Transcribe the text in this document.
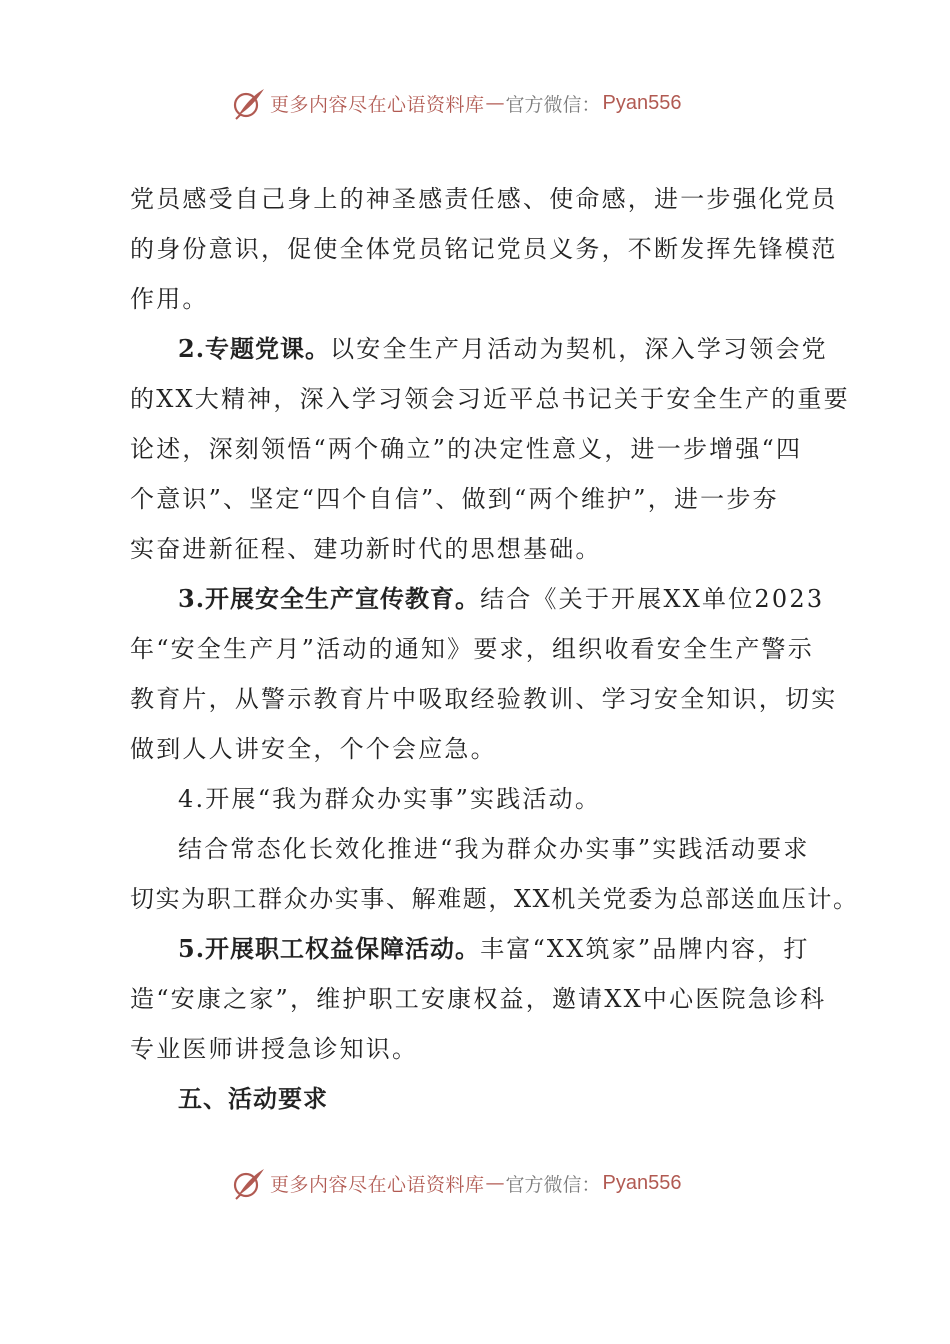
更多内容尽在心语资料库 — 官方微信： Pyan556
党员感受自己身上的神圣感责任感、使命感，进一步强化党员
的身份意识，促使全体党员铭记党员义务，不断发挥先锋模范
作用。
2.专题党课。以安全生产月活动为契机，深入学习领会党
的XX大精神，深入学习领会习近平总书记关于安全生产的重要
论述，深刻领悟“两个确立”的决定性意义，进一步增强“四
个意识”、坚定“四个自信”、做到“两个维护”，进一步夯
实奋进新征程、建功新时代的思想基础。
3.开展安全生产宣传教育。结合《关于开展XX单位2023
年“安全生产月”活动的通知》要求，组织收看安全生产警示
教育片，从警示教育片中吸取经验教训、学习安全知识，切实
做到人人讲安全，个个会应急。
4.开展“我为群众办实事”实践活动。
结合常态化长效化推进“我为群众办实事”实践活动要求
切实为职工群众办实事、解难题，XX机关党委为总部送血压计。
5.开展职工权益保障活动。丰富“XX筑家”品牌内容，打
造“安康之家”，维护职工安康权益，邀请XX中心医院急诊科
专业医师讲授急诊知识。
五、活动要求
更多内容尽在心语资料库 — 官方微信： Pyan556
